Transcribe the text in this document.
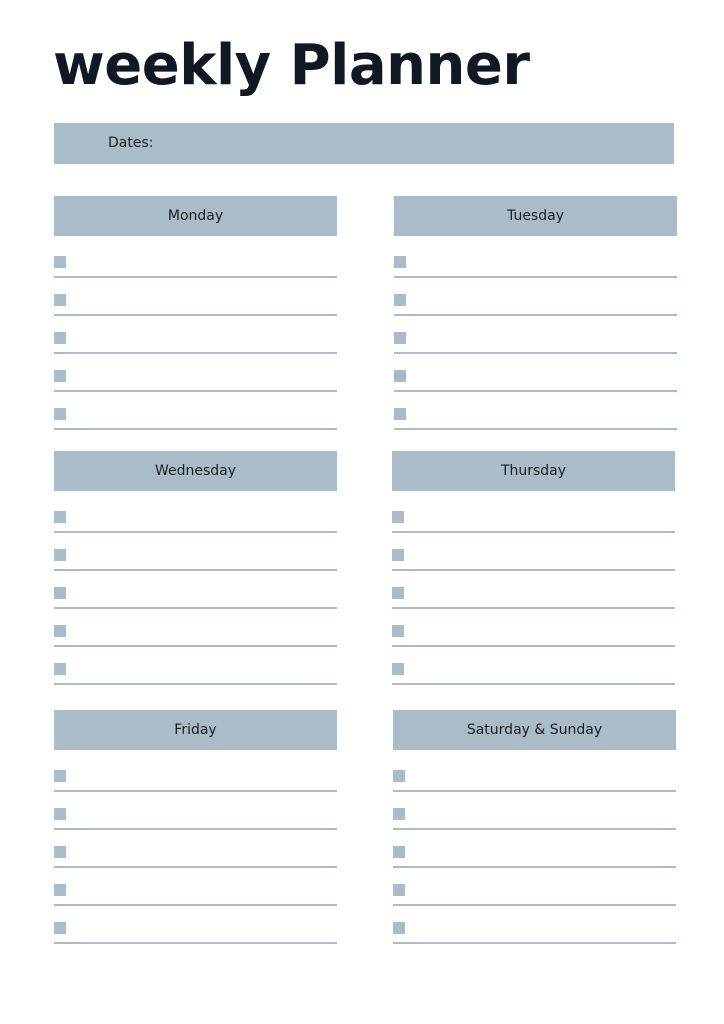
weekly Planner
Dates:
Monday	Tuesday
Wednesday	Thursday
Friday	Saturday & Sunday
